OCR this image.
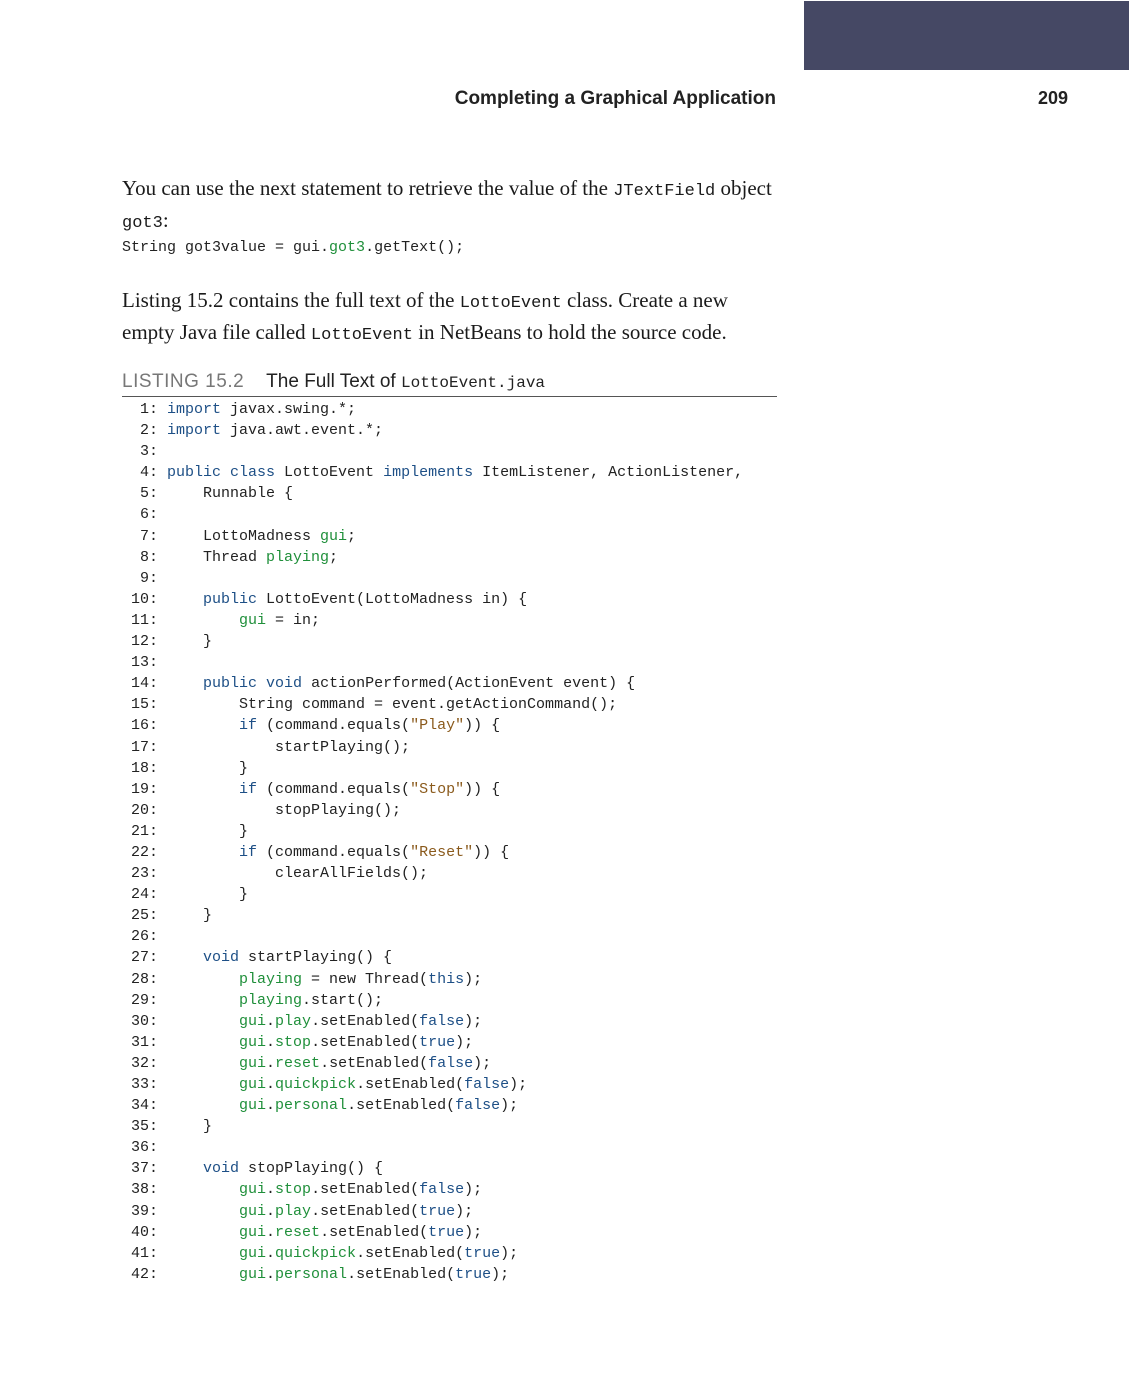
Completing a Graphical Application	209
You can use the next statement to retrieve the value of the JTextField object got3:
String got3value = gui.got3.getText();
Listing 15.2 contains the full text of the LottoEvent class. Create a new empty Java file called LottoEvent in NetBeans to hold the source code.
LISTING 15.2 The Full Text of LottoEvent.java
1: import javax.swing.*;
2: import java.awt.event.*;
3:
4: public class LottoEvent implements ItemListener, ActionListener,
5:    Runnable {
6:
7:    LottoMadness gui;
8:    Thread playing;
9:
10:	public LottoEvent(LottoMadness in) {
11:	gui = in;
12:    }
13:
14:	public void actionPerformed(ActionEvent event) {
15:        String command = event.getActionCommand();
16:	if (command.equals("Play")) {
17:            startPlaying();
18:        }
19:	if (command.equals("Stop")) {
20:            stopPlaying();
21:        }
22:	if (command.equals("Reset")) {
23:            clearAllFields();
24:        }
25:    }
26:
27:	void startPlaying() {
28:	playing = new Thread(this);
29:	playing.start();
30:	gui.play.setEnabled(false);
31:	gui.stop.setEnabled(true);
32:	gui.reset.setEnabled(false);
33:	gui.quickpick.setEnabled(false);
34:	gui.personal.setEnabled(false);
35:    }
36:
37:	void stopPlaying() {
38:	gui.stop.setEnabled(false);
39:	gui.play.setEnabled(true);
40:	gui.reset.setEnabled(true);
41:	gui.quickpick.setEnabled(true);
42:	gui.personal.setEnabled(true);
